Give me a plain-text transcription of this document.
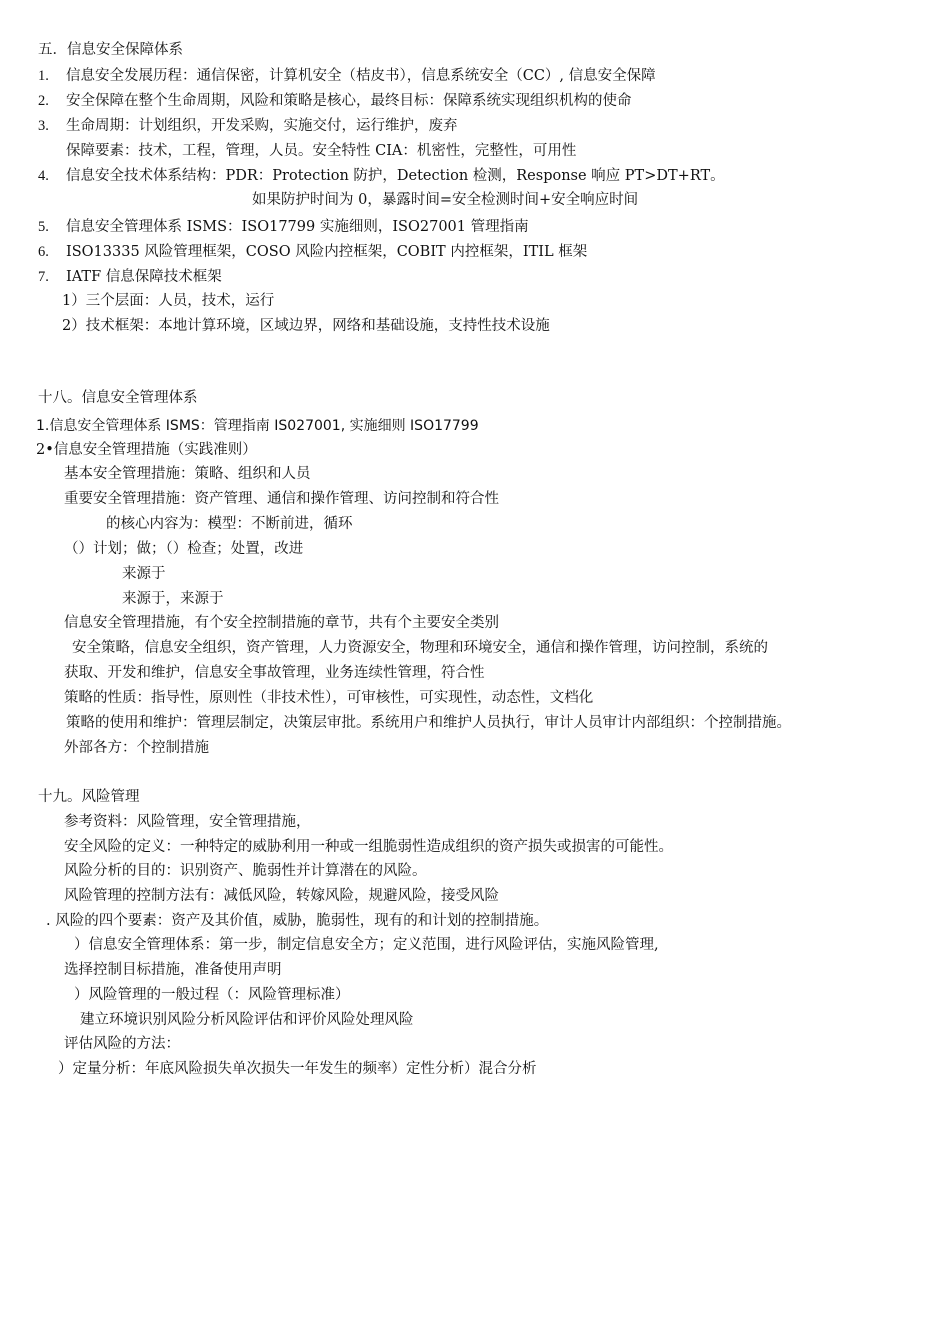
五．信息安全保障体系
1. 信息安全发展历程：通信保密，计算机安全（桔皮书），信息系统安全（CC）, 信息安全保障
2. 安全保障在整个生命周期，风险和策略是核心，最终目标：保障系统实现组织机构的使命
3. 生命周期：计划组织，开发采购，实施交付，运行维护，废弃
保障要素：技术，工程，管理，人员。安全特性 CIA：机密性，完整性，可用性
4. 信息安全技术体系结构：PDR：Protection 防护，Detection 检测，Response 响应 PT>DT+RT。
如果防护时间为 0，暴露时间=安全检测时间+安全响应时间
5. 信息安全管理体系 ISMS：ISO17799 实施细则，ISO27001 管理指南
6. ISO13335 风险管理框架，COSO 风险内控框架，COBIT 内控框架，ITIL 框架
7. IATF 信息保障技术框架
1）三个层面：人员，技术，运行
2）技术框架：本地计算环境，区域边界，网络和基础设施，支持性技术设施
十八。信息安全管理体系
1.信息安全管理体系 ISMS：管理指南 IS027001, 实施细则 ISO17799
2•信息安全管理措施（实践准则）
基本安全管理措施：策略、组织和人员
重要安全管理措施：资产管理、通信和操作管理、访问控制和符合性
的核心内容为：模型：不断前进，循环
（）计划；做；（）检查；处置，改进
来源于
来源于，来源于
信息安全管理措施，有个安全控制措施的章节，共有个主要安全类别
安全策略，信息安全组织，资产管理，人力资源安全，物理和环境安全，通信和操作管理，访问控制，系统的
获取、开发和维护，信息安全事故管理，业务连续性管理，符合性
策略的性质：指导性，原则性（非技术性），可审核性，可实现性，动态性，文档化
策略的使用和维护：管理层制定，决策层审批。系统用户和维护人员执行，审计人员审计内部组织：个控制措施。
外部各方：个控制措施
十九。风险管理
参考资料：风险管理，安全管理措施，
安全风险的定义：一种特定的威胁利用一种或一组脆弱性造成组织的资产损失或损害的可能性。
风险分析的目的：识别资产、脆弱性并计算潜在的风险。
风险管理的控制方法有：减低风险，转嫁风险，规避风险，接受风险
. 风险的四个要素：资产及其价值，威胁，脆弱性，现有的和计划的控制措施。
）信息安全管理体系：第一步，制定信息安全方；定义范围，进行风险评估，实施风险管理,
选择控制目标措施，准备使用声明
）风险管理的一般过程（：风险管理标准）
建立环境识别风险分析风险评估和评价风险处理风险
评估风险的方法：
）定量分析：年底风险损失单次损失一年发生的频率）定性分析）混合分析
